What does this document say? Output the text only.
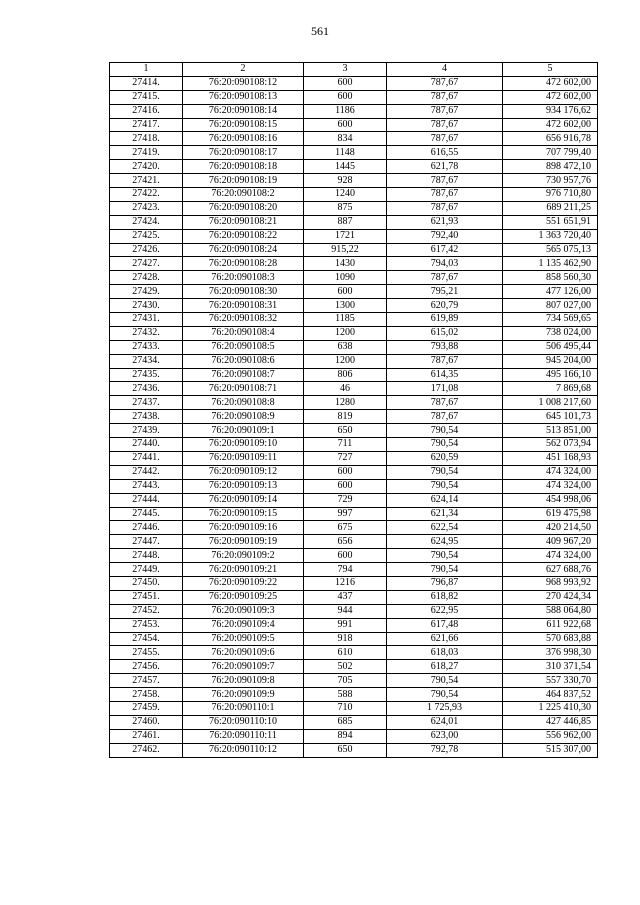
561
1	2	3	4	5
27414.	76:20:090108:12	600	787,67	472 602,00
27415.	76:20:090108:13	600	787,67	472 602,00
27416.	76:20:090108:14	1186	787,67	934 176,62
27417.	76:20:090108:15	600	787,67	472 602,00
27418.	76:20:090108:16	834	787,67	656 916,78
27419.	76:20:090108:17	1148	616,55	707 799,40
27420.	76:20:090108:18	1445	621,78	898 472,10
27421.	76:20:090108:19	928	787,67	730 957,76
27422.	76:20:090108:2	1240	787,67	976 710,80
27423.	76:20:090108:20	875	787,67	689 211,25
27424.	76:20:090108:21	887	621,93	551 651,91
27425.	76:20:090108:22	1721	792,40	1 363 720,40
27426.	76:20:090108:24	915,22	617,42	565 075,13
27427.	76:20:090108:28	1430	794,03	1 135 462,90
27428.	76:20:090108:3	1090	787,67	858 560,30
27429.	76:20:090108:30	600	795,21	477 126,00
27430.	76:20:090108:31	1300	620,79	807 027,00
27431.	76:20:090108:32	1185	619,89	734 569,65
27432.	76:20:090108:4	1200	615,02	738 024,00
27433.	76:20:090108:5	638	793,88	506 495,44
27434.	76:20:090108:6	1200	787,67	945 204,00
27435.	76:20:090108:7	806	614,35	495 166,10
27436.	76:20:090108:71	46	171,08	7 869,68
27437.	76:20:090108:8	1280	787,67	1 008 217,60
27438.	76:20:090108:9	819	787,67	645 101,73
27439.	76:20:090109:1	650	790,54	513 851,00
27440.	76:20:090109:10	711	790,54	562 073,94
27441.	76:20:090109:11	727	620,59	451 168,93
27442.	76:20:090109:12	600	790,54	474 324,00
27443.	76:20:090109:13	600	790,54	474 324,00
27444.	76:20:090109:14	729	624,14	454 998,06
27445.	76:20:090109:15	997	621,34	619 475,98
27446.	76:20:090109:16	675	622,54	420 214,50
27447.	76:20:090109:19	656	624,95	409 967,20
27448.	76:20:090109:2	600	790,54	474 324,00
27449.	76:20:090109:21	794	790,54	627 688,76
27450.	76:20:090109:22	1216	796,87	968 993,92
27451.	76:20:090109:25	437	618,82	270 424,34
27452.	76:20:090109:3	944	622,95	588 064,80
27453.	76:20:090109:4	991	617,48	611 922,68
27454.	76:20:090109:5	918	621,66	570 683,88
27455.	76:20:090109:6	610	618,03	376 998,30
27456.	76:20:090109:7	502	618,27	310 371,54
27457.	76:20:090109:8	705	790,54	557 330,70
27458.	76:20:090109:9	588	790,54	464 837,52
27459.	76:20:090110:1	710	1 725,93	1 225 410,30
27460.	76:20:090110:10	685	624,01	427 446,85
27461.	76:20:090110:11	894	623,00	556 962,00
27462.	76:20:090110:12	650	792,78	515 307,00
